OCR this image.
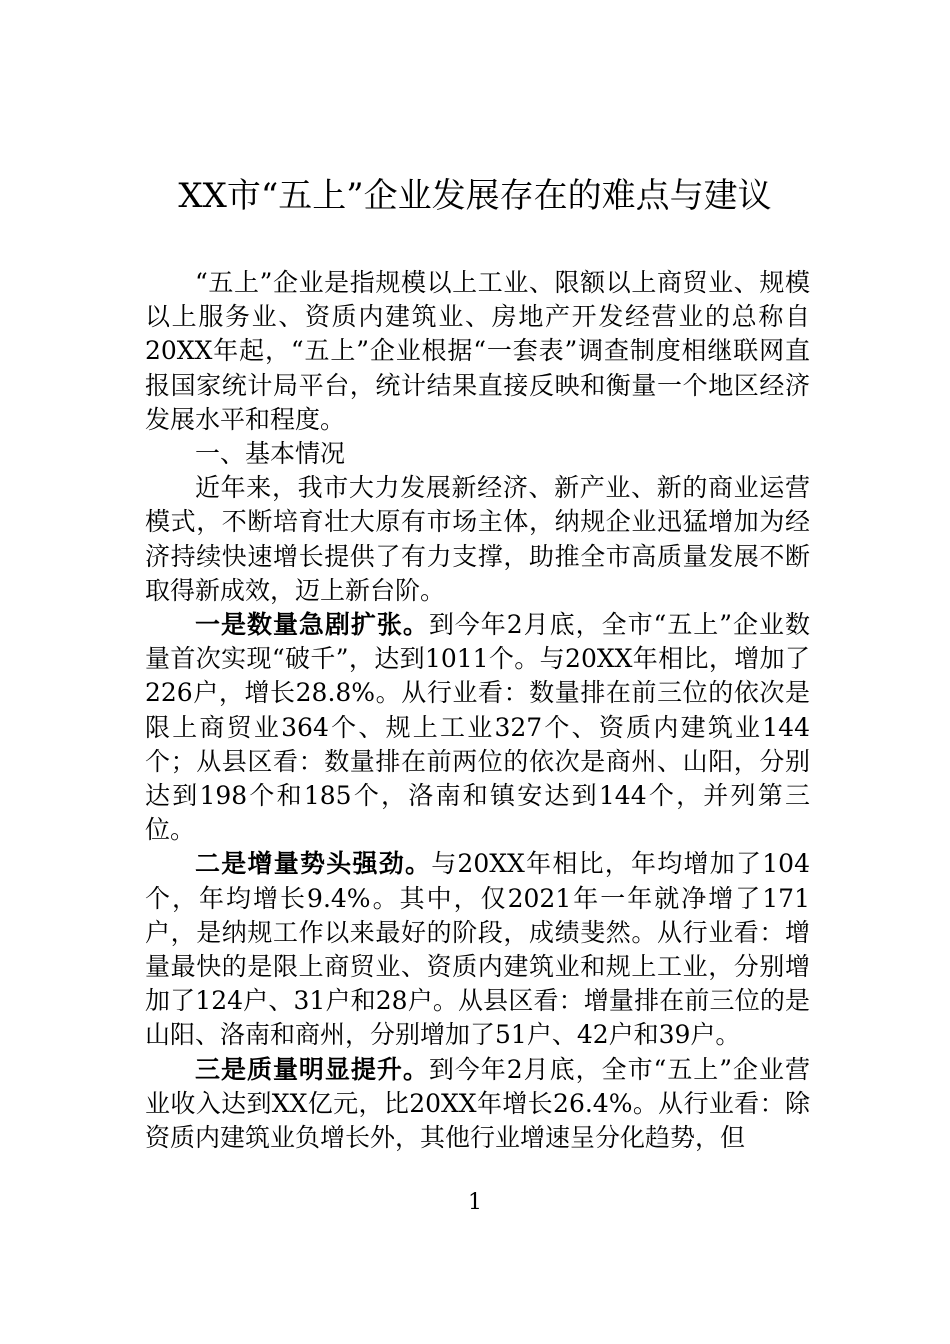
XX市“五上”企业发展存在的难点与建议

“五上”企业是指规模以上工业、限额以上商贸业、规模以上服务业、资质内建筑业、房地产开发经营业的总称自20XX年起，“五上”企业根据“一套表”调查制度相继联网直报国家统计局平台，统计结果直接反映和衡量一个地区经济发展水平和程度。

一、基本情况

近年来，我市大力发展新经济、新产业、新的商业运营模式，不断培育壮大原有市场主体，纳规企业迅猛增加为经济持续快速增长提供了有力支撑，助推全市高质量发展不断取得新成效，迈上新台阶。

一是数量急剧扩张。到今年2月底，全市“五上”企业数量首次实现“破千”，达到1011个。与20XX年相比，增加了226户，增长28.8%。从行业看：数量排在前三位的依次是限上商贸业364个、规上工业327个、资质内建筑业144个；从县区看：数量排在前两位的依次是商州、山阳，分别达到198个和185个，洛南和镇安达到144个，并列第三位。

二是增量势头强劲。与20XX年相比，年均增加了104个，年均增长9.4%。其中，仅2021年一年就净增了171户，是纳规工作以来最好的阶段，成绩斐然。从行业看：增量最快的是限上商贸业、资质内建筑业和规上工业，分别增加了124户、31户和28户。从县区看：增量排在前三位的是山阳、洛南和商州，分别增加了51户、42户和39户。

三是质量明显提升。到今年2月底，全市“五上”企业营业收入达到XX亿元，比20XX年增长26.4%。从行业看：除资质内建筑业负增长外，其他行业增速呈分化趋势，但

1
